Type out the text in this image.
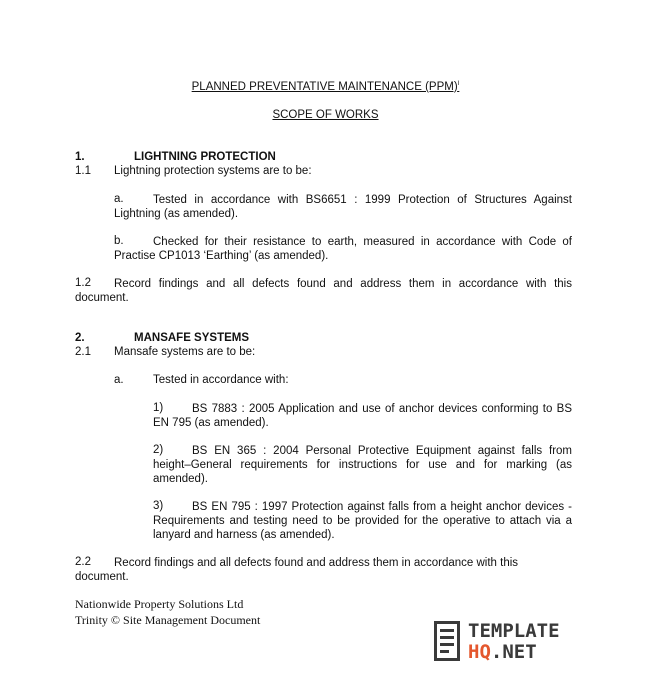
PLANNED PREVENTATIVE MAINTENANCE (PPM)$^I$
SCOPE OF WORKS
1.	LIGHTNING PROTECTION
1.1 Lightning protection systems are to be:
a.	Tested in accordance with BS6651 : 1999 Protection of Structures Against Lightning (as amended).
b.	Checked for their resistance to earth, measured in accordance with Code of Practise CP1013 ‘Earthing’ (as amended).
1.2	Record findings and all defects found and address them in accordance with this document.
2.	MANSAFE SYSTEMS
2.1 Mansafe systems are to be:
a.	Tested in accordance with:
1)	BS 7883 : 2005 Application and use of anchor devices conforming to BS EN 795 (as amended).
2)	BS EN 365 : 2004 Personal Protective Equipment against falls from height–General requirements for instructions for use and for marking (as amended).
3)	BS EN 795 : 1997 Protection against falls from a height anchor devices - Requirements and testing need to be provided for the operative to attach via a lanyard and harness (as amended).
2.2	Record findings and all defects found and address them in accordance with this document.
Nationwide Property Solutions Ltd
Trinity © Site Management Document	TEMPLATE
HQ.NET
